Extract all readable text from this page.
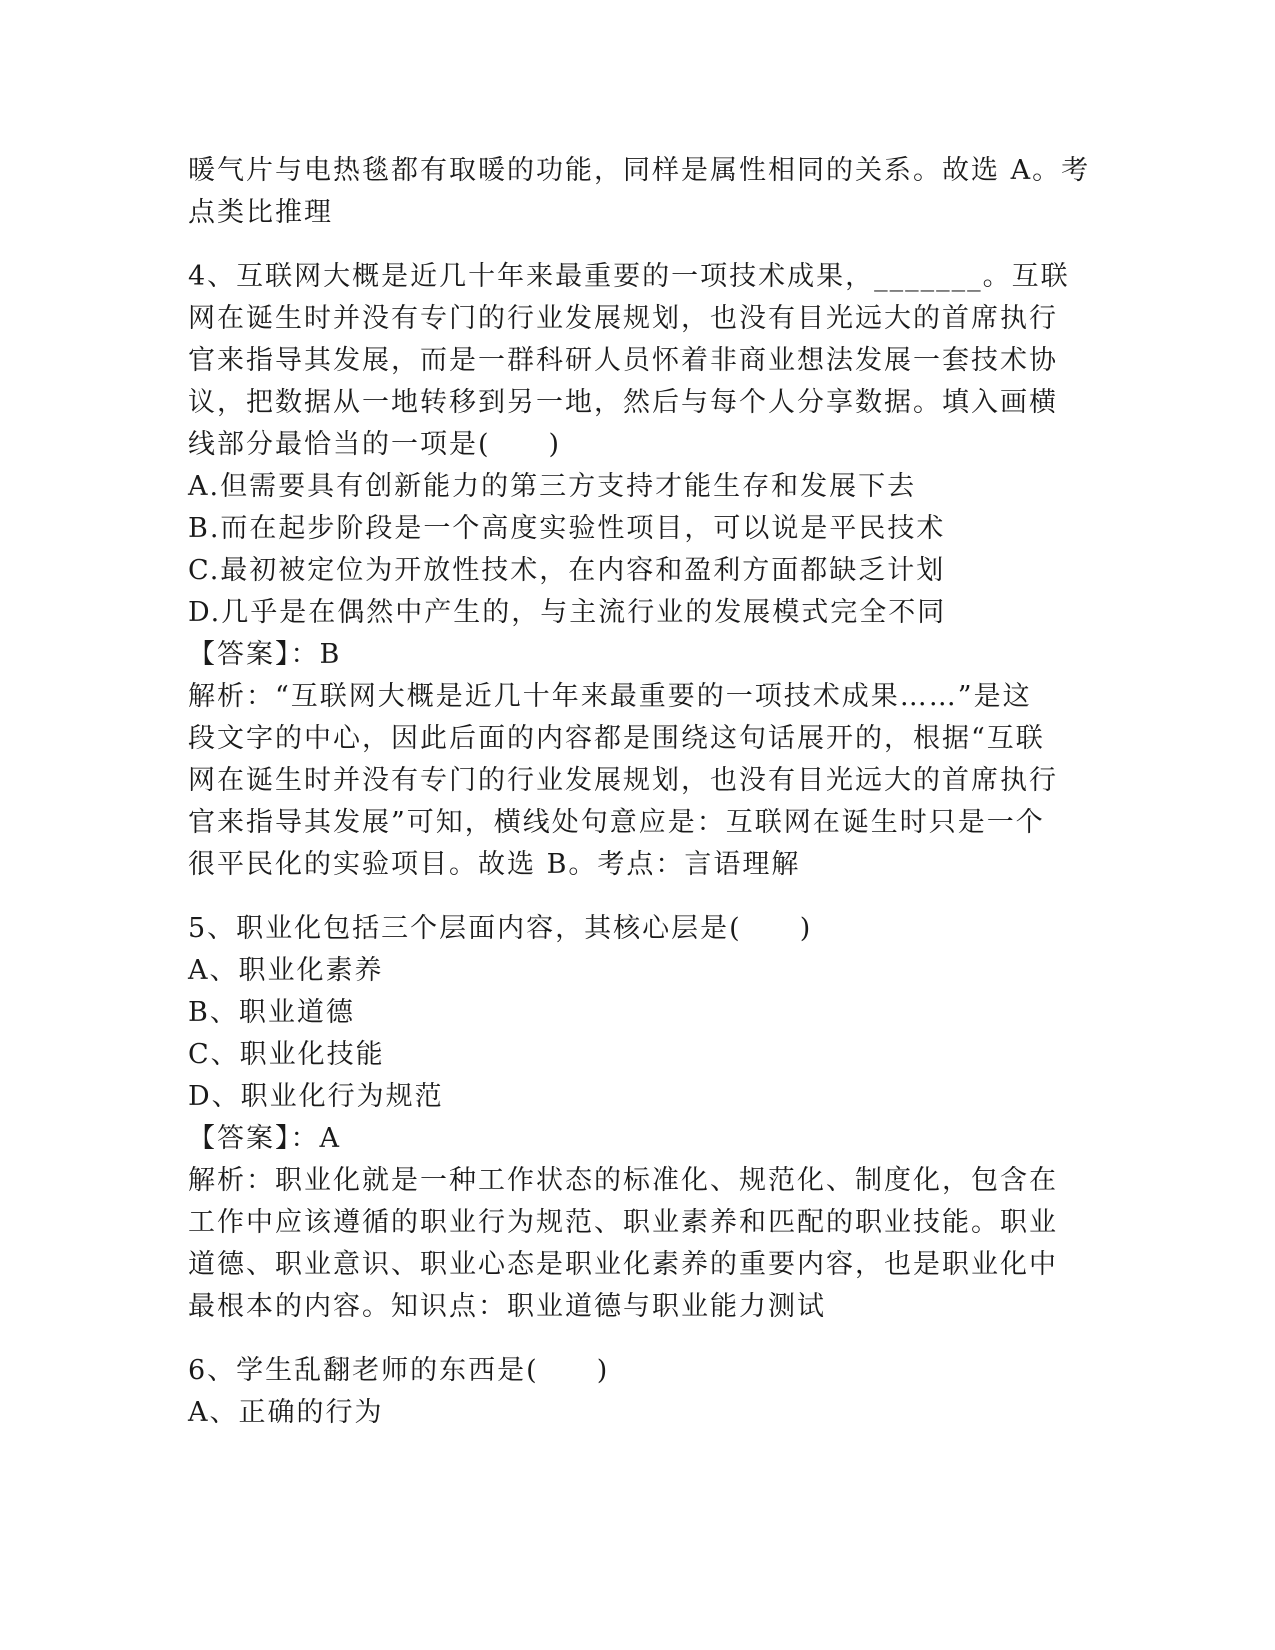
暖气片与电热毯都有取暖的功能，同样是属性相同的关系。故选 A。考
点类比推理
4、互联网大概是近几十年来最重要的一项技术成果，_______。互联
网在诞生时并没有专门的行业发展规划，也没有目光远大的首席执行
官来指导其发展，而是一群科研人员怀着非商业想法发展一套技术协
议，把数据从一地转移到另一地，然后与每个人分享数据。填入画横
线部分最恰当的一项是(　　)
A.但需要具有创新能力的第三方支持才能生存和发展下去
B.而在起步阶段是一个高度实验性项目，可以说是平民技术
C.最初被定位为开放性技术，在内容和盈利方面都缺乏计划
D.几乎是在偶然中产生的，与主流行业的发展模式完全不同
【答案】：B
解析：“互联网大概是近几十年来最重要的一项技术成果……”是这
段文字的中心，因此后面的内容都是围绕这句话展开的，根据“互联
网在诞生时并没有专门的行业发展规划，也没有目光远大的首席执行
官来指导其发展”可知，横线处句意应是：互联网在诞生时只是一个
很平民化的实验项目。故选 B。考点：言语理解
5、职业化包括三个层面内容，其核心层是(　　)
A、职业化素养
B、职业道德
C、职业化技能
D、职业化行为规范
【答案】：A
解析：职业化就是一种工作状态的标准化、规范化、制度化，包含在
工作中应该遵循的职业行为规范、职业素养和匹配的职业技能。职业
道德、职业意识、职业心态是职业化素养的重要内容，也是职业化中
最根本的内容。知识点：职业道德与职业能力测试
6、学生乱翻老师的东西是(　　)
A、正确的行为
